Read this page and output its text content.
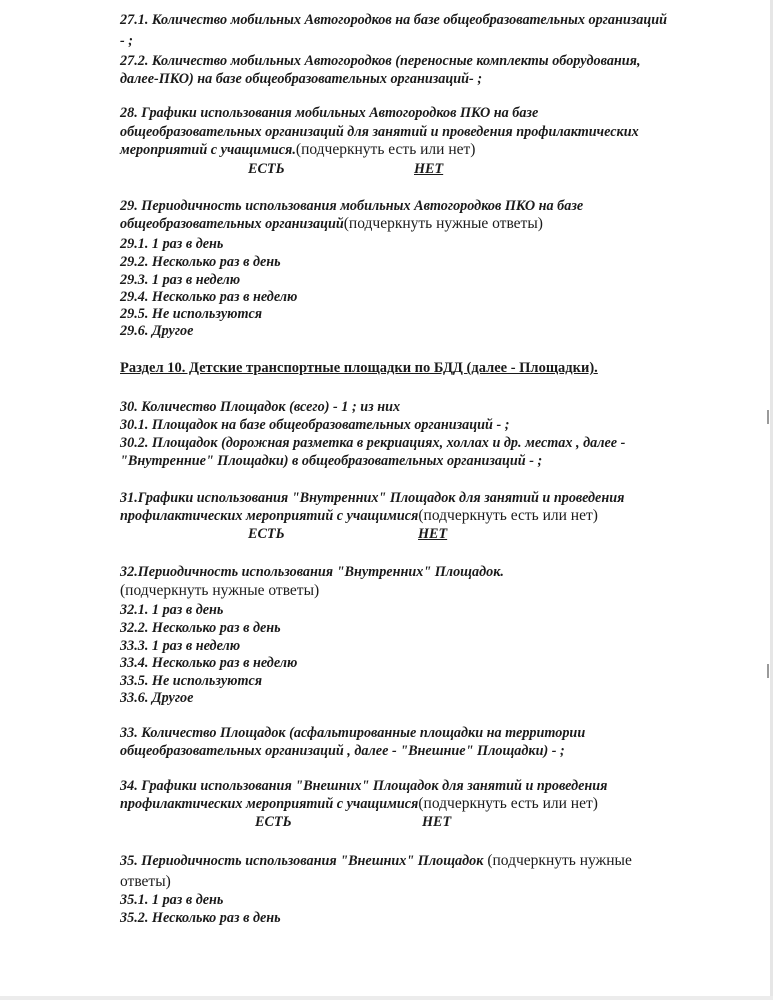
27.1. Количество мобильных Автогородков на базе общеобразовательных организаций
- ;
27.2. Количество мобильных Автогородков (переносные комплекты оборудования,
далее-ПКО) на базе общеобразовательных организаций- ;
28. Графики использования мобильных Автогородков ПКО на базе
общеобразовательных организаций для занятий и проведения профилактических
мероприятий с учащимися.(подчеркнуть есть или нет)
ЕСТЬ	НЕТ
29. Периодичность использования мобильных Автогородков ПКО на базе
общеобразовательных организаций(подчеркнуть нужные ответы)
29.1. 1 раз в день
29.2. Несколько раз в день
29.3. 1 раз в неделю
29.4. Несколько раз в неделю
29.5. Не используются
29.6. Другое
Раздел 10. Детские транспортные площадки по БДД (далее - Площадки).
30. Количество Площадок (всего) - 1 ; из них
30.1. Площадок на базе общеобразовательных организаций - ;
30.2. Площадок (дорожная разметка в рекриациях, холлах и др. местах , далее -
"Внутренние" Площадки) в общеобразовательных организаций - ;
31.Графики использования "Внутренних" Площадок для занятий и проведения
профилактических мероприятий с учащимися(подчеркнуть есть или нет)
ЕСТЬ	НЕТ
32.Периодичность использования "Внутренних" Площадок.
(подчеркнуть нужные ответы)
32.1. 1 раз в день
32.2. Несколько раз в день
33.3. 1 раз в неделю
33.4. Несколько раз в неделю
33.5. Не используются
33.6. Другое
33. Количество Площадок (асфальтированные площадки на территории
общеобразовательных организаций , далее - "Внешние" Площадки) - ;
34. Графики использования "Внешних" Площадок для занятий и проведения
профилактических мероприятий с учащимися(подчеркнуть есть или нет)
ЕСТЬ	НЕТ
35. Периодичность использования "Внешних" Площадок (подчеркнуть нужные
ответы)
35.1. 1 раз в день
35.2. Несколько раз в день
